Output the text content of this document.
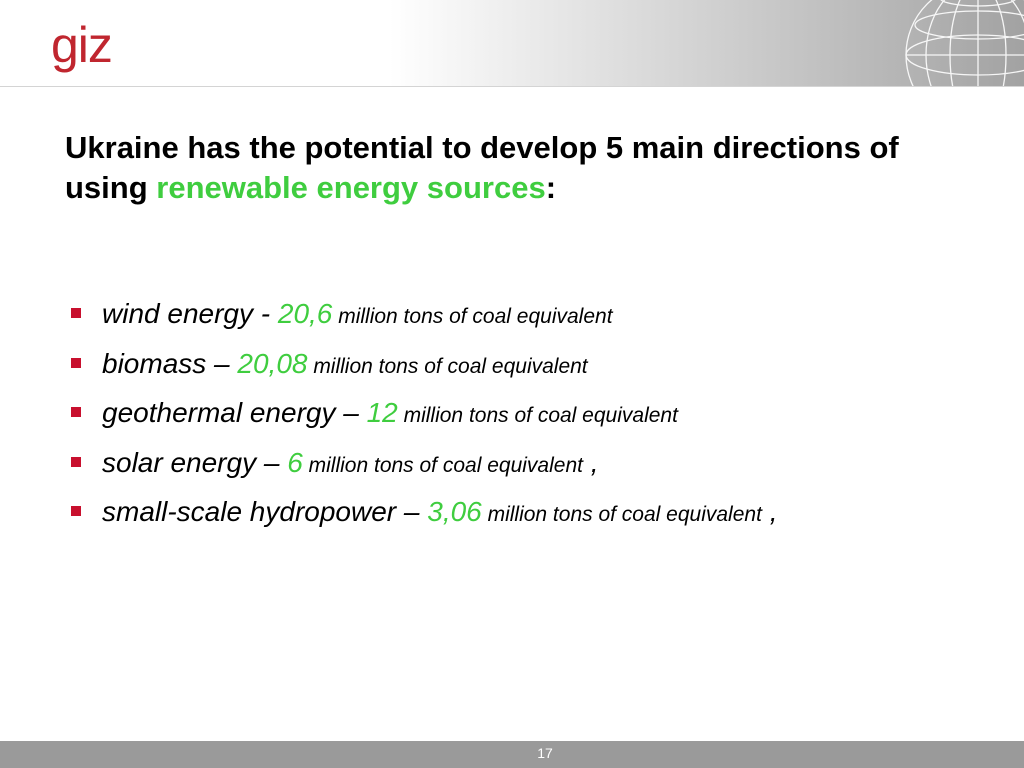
giz
Ukraine has the potential to develop 5 main directions of using renewable energy sources:
wind energy - 20,6 million tons of coal equivalent
biomass – 20,08 million tons of coal equivalent
geothermal energy – 12 million tons of coal equivalent
solar energy – 6 million tons of coal equivalent ,
small-scale hydropower – 3,06 million tons of coal equivalent ,
17
